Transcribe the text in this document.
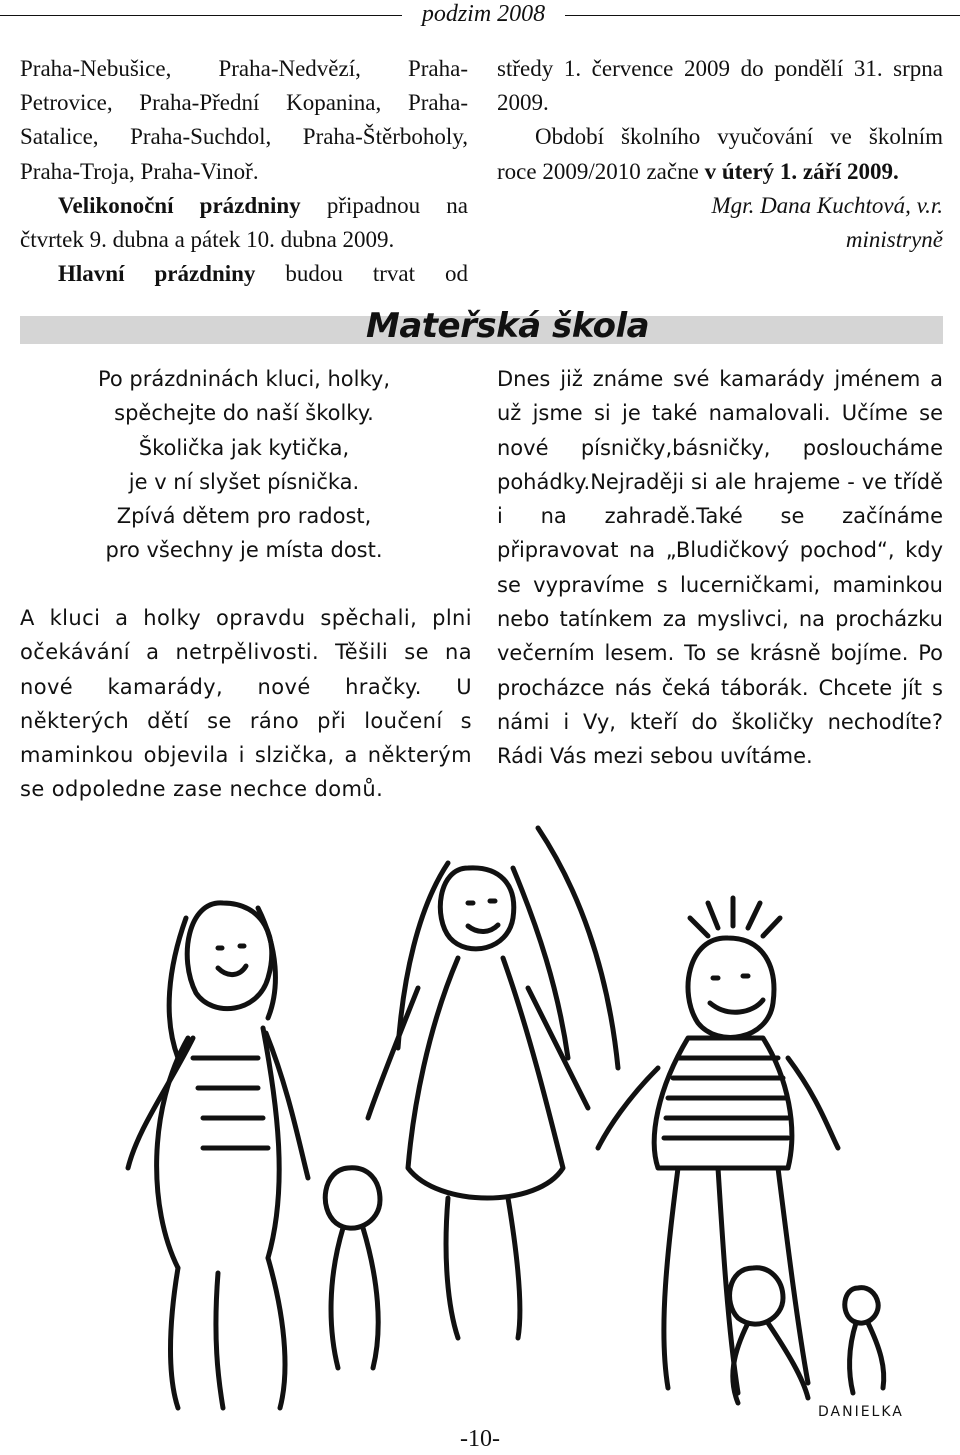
podzim 2008

Praha-Nebušice, Praha-Nedvězí, Praha-Petrovice, Praha-Přední Kopanina, Praha-Satalice, Praha-Suchdol, Praha-Štěrboholy, Praha-Troja, Praha-Vinoř.

Velikonoční prázdniny připadnou na čtvrtek 9. dubna a pátek 10. dubna 2009.

Hlavní prázdniny budou trvat od

středy 1. července 2009 do pondělí 31. srpna 2009.

Období školního vyučování ve školním roce 2009/2010 začne v úterý 1. září 2009.

Mgr. Dana Kuchtová, v.r.

ministryně

Mateřská škola

Po prázdninách kluci, holky,

spěchejte do naší školky.

Školička jak kytička,

je v ní slyšet písnička.

Zpívá dětem pro radost,

pro všechny je místa dost.

A kluci a holky opravdu spěchali, plni očekávání a netrpělivosti. Těšili se na nové kamarády, nové hračky. U některých dětí se ráno při loučení s maminkou objevila i slzička, a některým se odpoledne zase nechce domů.
Dnes již známe své kamarády jménem a už jsme si je také namalovali. Učíme se nové písničky,básničky, posloucháme pohádky.Nejraději si ale hrajeme - ve třídě i na zahradě.Také se začínáme připravovat na „Bludičkový pochod“, kdy se vypravíme s lucerničkami, maminkou nebo tatínkem za myslivci, na procházku večerním lesem. To se krásně bojíme. Po procházce nás čeká táborák. Chcete jít s námi i Vy, kteří do školičky nechodíte? Rádi Vás mezi sebou uvítáme.
DANIELKA
-10-
